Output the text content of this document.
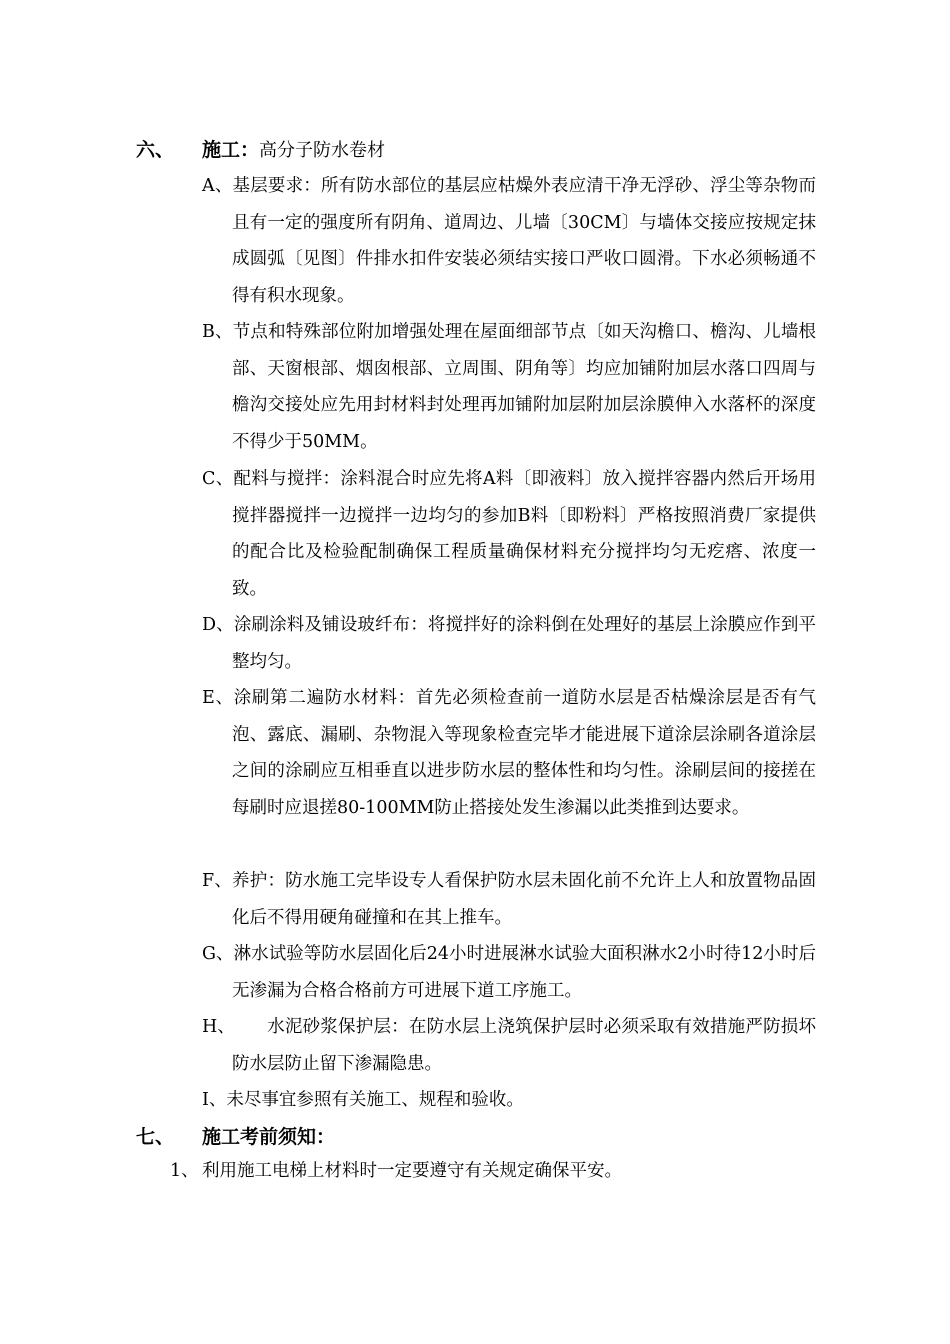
六、 施工：高分子防水卷材
A、基层要求：所有防水部位的基层应枯燥外表应清干净无浮砂、浮尘等杂物而且有一定的强度所有阴角、道周边、儿墙〔30CM〕与墙体交接应按规定抹成圆弧〔见图〕件排水扣件安装必须结实接口严收口圆滑。下水必须畅通不得有积水现象。
B、节点和特殊部位附加增强处理在屋面细部节点〔如天沟檐口、檐沟、儿墙根部、天窗根部、烟囱根部、立周围、阴角等〕均应加铺附加层水落口四周与檐沟交接处应先用封材料封处理再加铺附加层附加层涂膜伸入水落杯的深度不得少于50MM。
C、配料与搅拌：涂料混合时应先将A料〔即液料〕放入搅拌容器内然后开场用搅拌器搅拌一边搅拌一边均匀的参加B料〔即粉料〕严格按照消费厂家提供的配合比及检验配制确保工程质量确保材料充分搅拌均匀无疙瘩、浓度一致。
D、涂刷涂料及铺设玻纤布：将搅拌好的涂料倒在处理好的基层上涂膜应作到平整均匀。
E、涂刷第二遍防水材料：首先必须检查前一道防水层是否枯燥涂层是否有气泡、露底、漏刷、杂物混入等现象检查完毕才能进展下道涂层涂刷各道涂层之间的涂刷应互相垂直以进步防水层的整体性和均匀性。涂刷层间的接搓在每刷时应退搓80-100MM防止搭接处发生渗漏以此类推到达要求。
F、养护：防水施工完毕设专人看保护防水层未固化前不允许上人和放置物品固化后不得用硬角碰撞和在其上推车。
G、淋水试验等防水层固化后24小时进展淋水试验大面积淋水2小时待12小时后无渗漏为合格合格前方可进展下道工序施工。
H、 水泥砂浆保护层：在防水层上浇筑保护层时必须采取有效措施严防损坏防水层防止留下渗漏隐患。
I、未尽事宜参照有关施工、规程和验收。
七、 施工考前须知：
1、 利用施工电梯上材料时一定要遵守有关规定确保平安。
